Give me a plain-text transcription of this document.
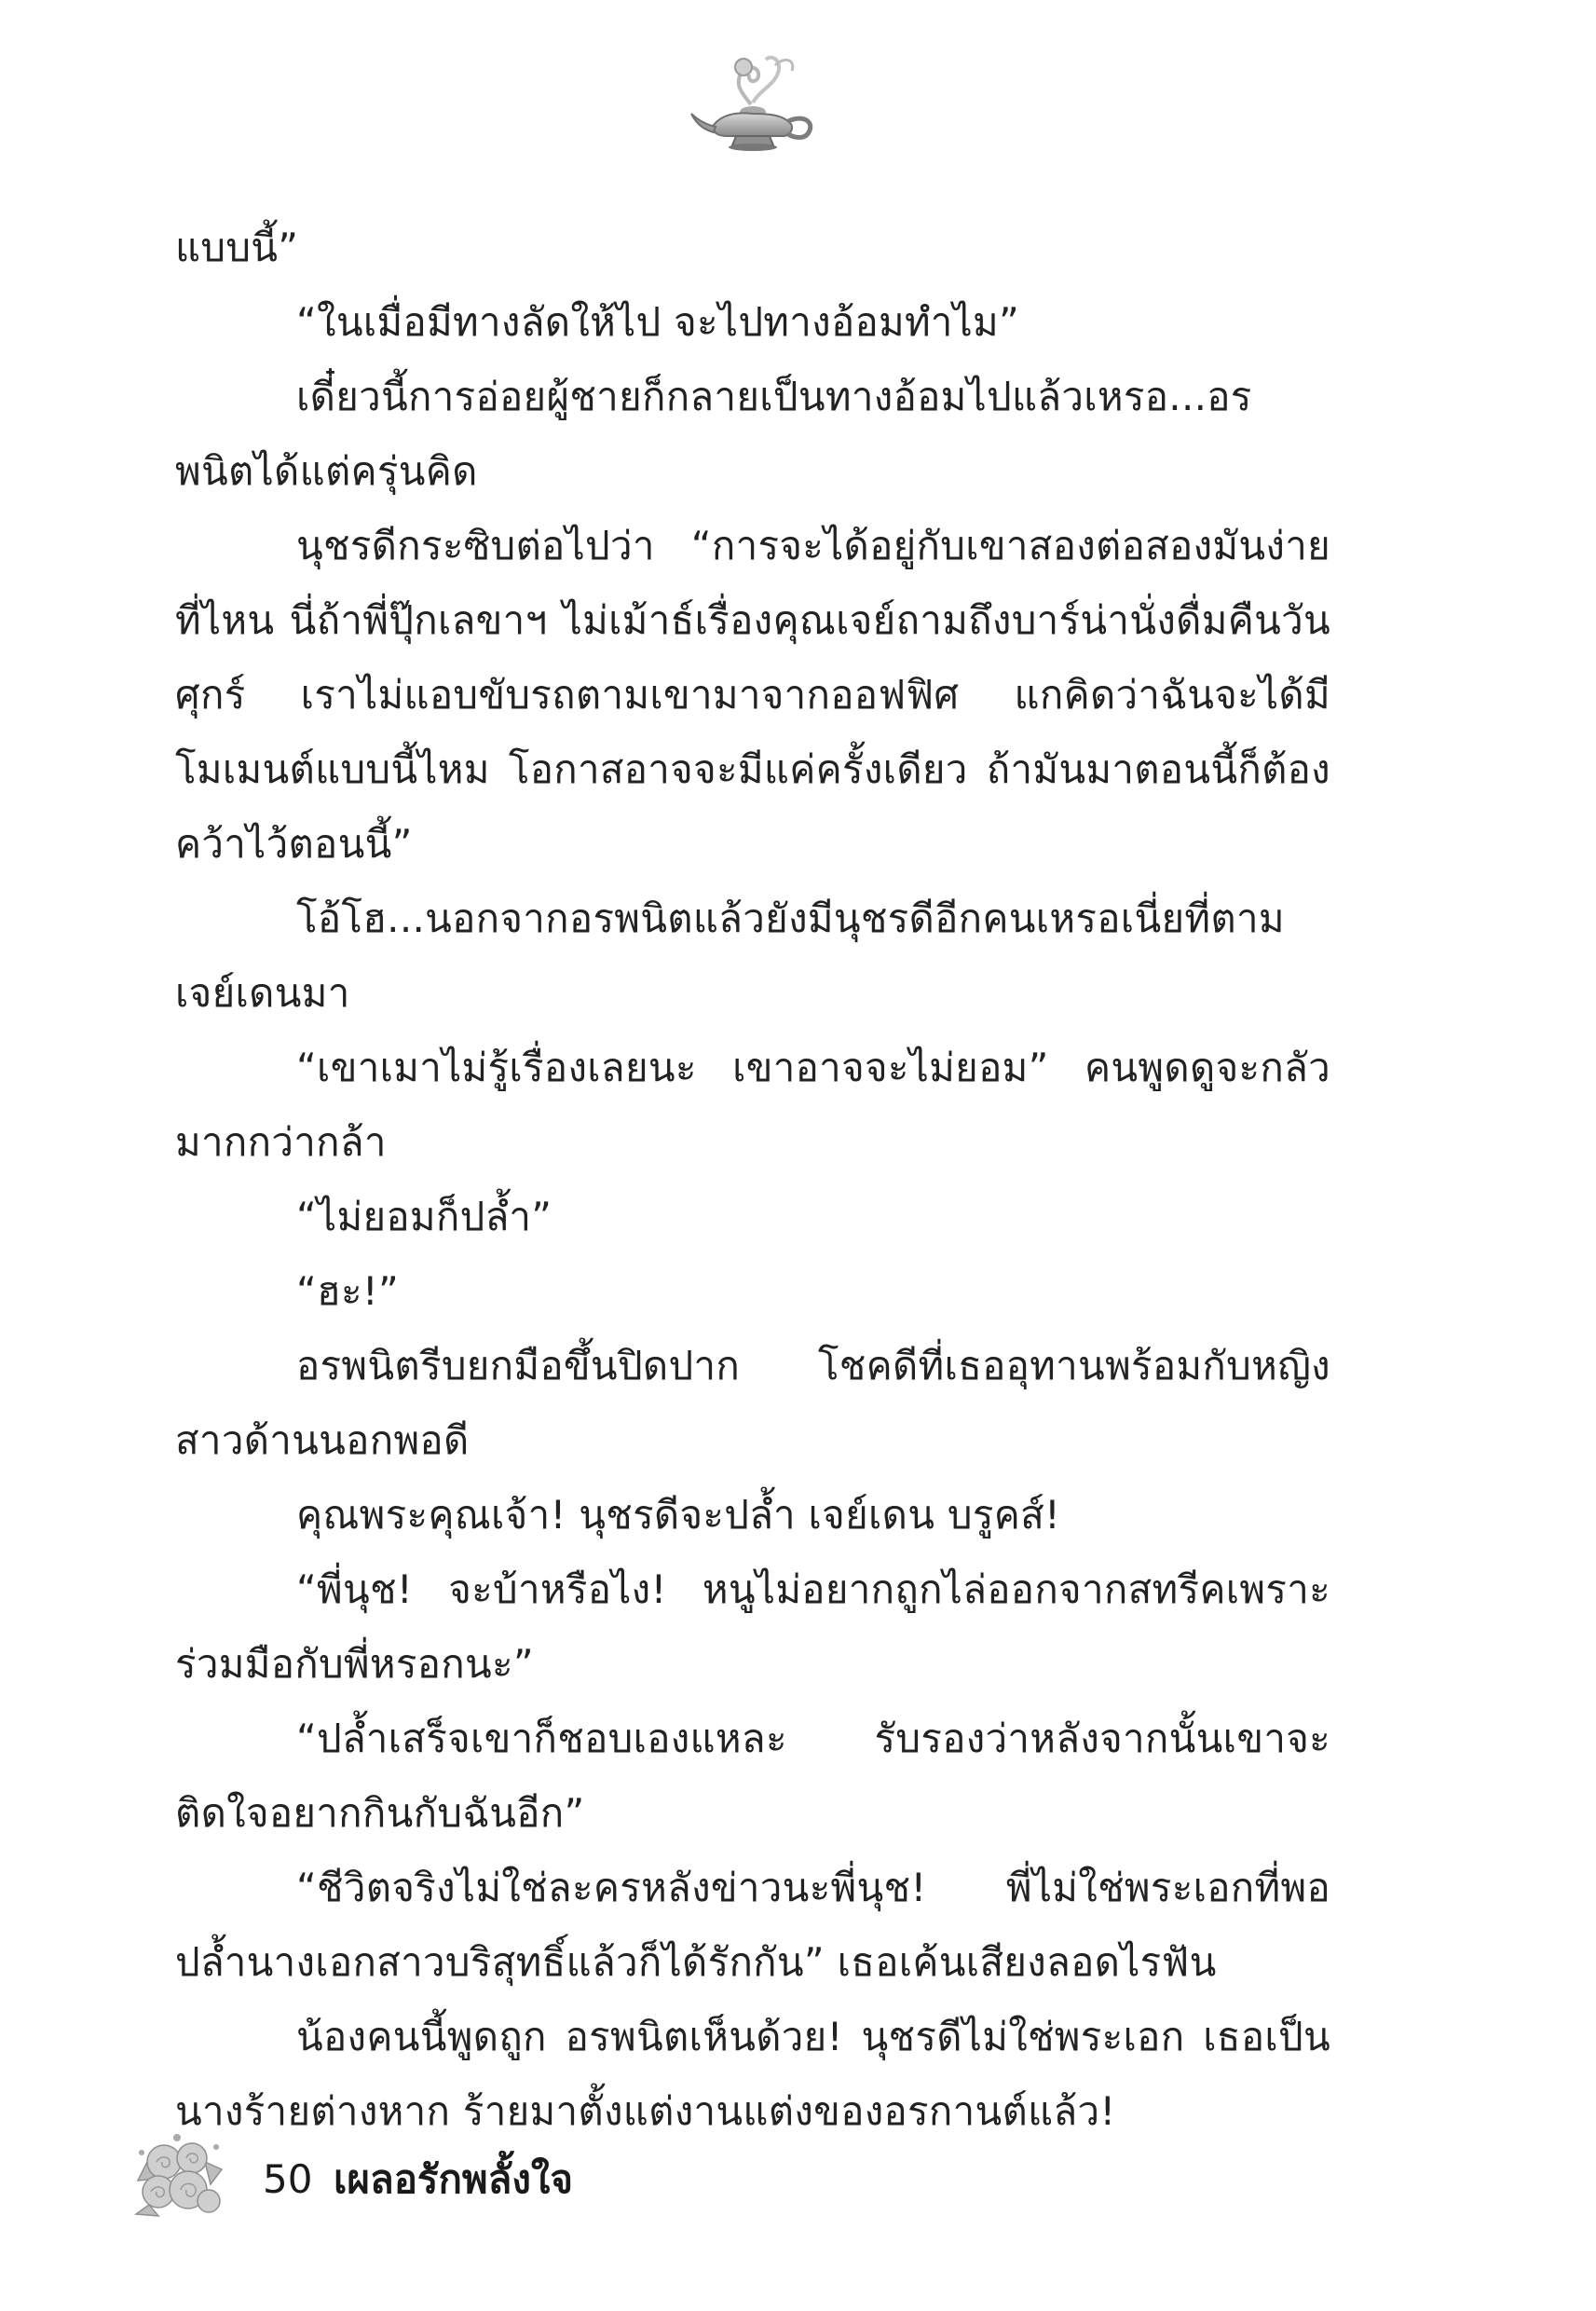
แบบนี้”

“ในเมื่อมีทางลัดให้ไป จะไปทางอ้อมทำไม”

เดี๋ยวนี้การอ่อยผู้ชายก็กลายเป็นทางอ้อมไปแล้วเหรอ...อรพนิตได้แต่ครุ่นคิด

นุชรดีกระซิบต่อไปว่า “การจะได้อยู่กับเขาสองต่อสองมันง่ายที่ไหน นี่ถ้าพี่ปุ๊กเลขาฯ ไม่เม้าธ์เรื่องคุณเจย์ถามถึงบาร์น่านั่งดื่มคืนวันศุกร์ เราไม่แอบขับรถตามเขามาจากออฟฟิศ แกคิดว่าฉันจะได้มีโมเมนต์แบบนี้ไหม โอกาสอาจจะมีแค่ครั้งเดียว ถ้ามันมาตอนนี้ก็ต้องคว้าไว้ตอนนี้”

โอ้โฮ...นอกจากอรพนิตแล้วยังมีนุชรดีอีกคนเหรอเนี่ยที่ตามเจย์เดนมา

“เขาเมาไม่รู้เรื่องเลยนะ เขาอาจจะไม่ยอม” คนพูดดูจะกลัวมากกว่ากล้า

“ไม่ยอมก็ปล้ำ”

“ฮะ!”

อรพนิตรีบยกมือขึ้นปิดปาก โชคดีที่เธออุทานพร้อมกับหญิงสาวด้านนอกพอดี

คุณพระคุณเจ้า! นุชรดีจะปล้ำ เจย์เดน บรูคส์!

“พี่นุช! จะบ้าหรือไง! หนูไม่อยากถูกไล่ออกจากสทรีคเพราะร่วมมือกับพี่หรอกนะ”

“ปล้ำเสร็จเขาก็ชอบเองแหละ รับรองว่าหลังจากนั้นเขาจะติดใจอยากกินกับฉันอีก”

“ชีวิตจริงไม่ใช่ละครหลังข่าวนะพี่นุช! พี่ไม่ใช่พระเอกที่พอปล้ำนางเอกสาวบริสุทธิ์แล้วก็ได้รักกัน” เธอเค้นเสียงลอดไรฟัน

น้องคนนี้พูดถูก อรพนิตเห็นด้วย! นุชรดีไม่ใช่พระเอก เธอเป็นนางร้ายต่างหาก ร้ายมาตั้งแต่งานแต่งของอรกานต์แล้ว!

50 เผลอรักพลั้งใจ
